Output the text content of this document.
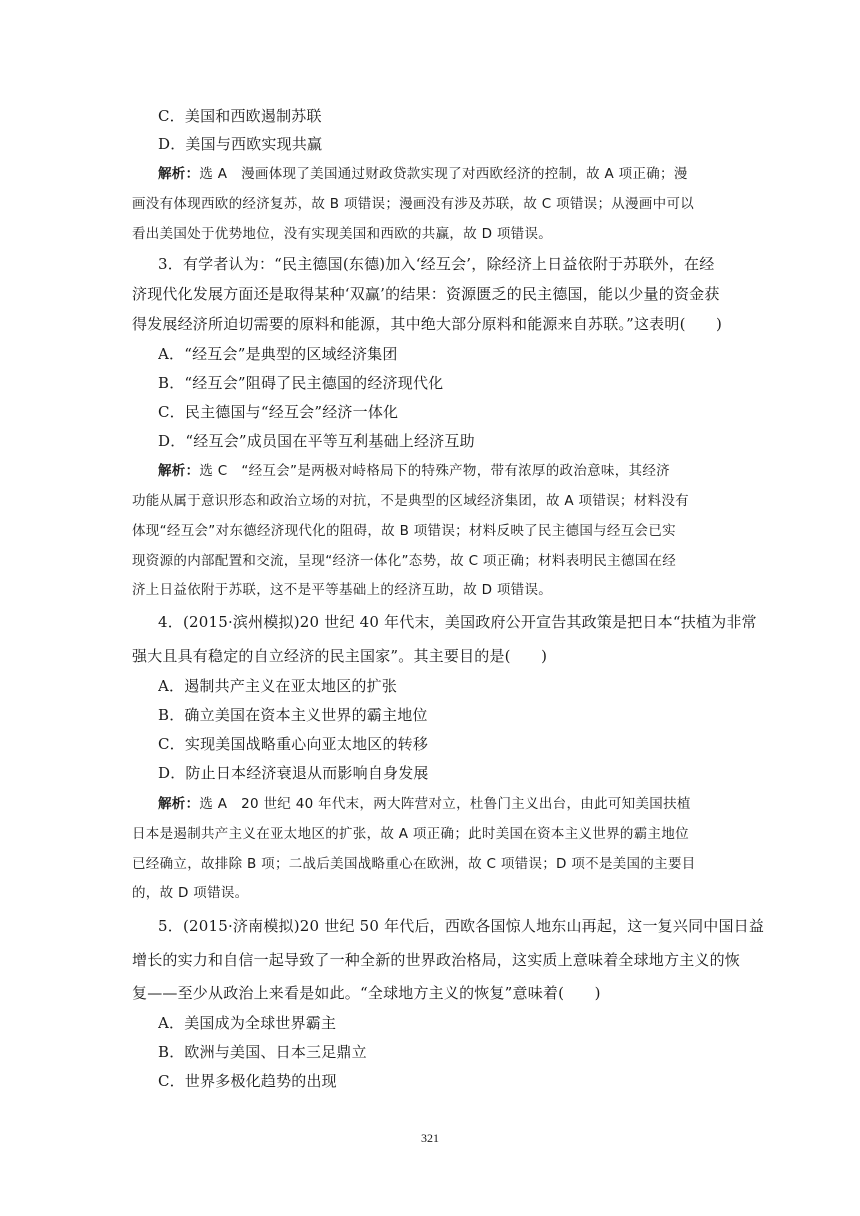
C．美国和西欧遏制苏联
D．美国与西欧实现共赢
解析：选 A　漫画体现了美国通过财政贷款实现了对西欧经济的控制，故 A 项正确；漫
画没有体现西欧的经济复苏，故 B 项错误；漫画没有涉及苏联，故 C 项错误；从漫画中可以
看出美国处于优势地位，没有实现美国和西欧的共赢，故 D 项错误。
3．有学者认为：“民主德国(东德)加入‘经互会’，除经济上日益依附于苏联外，在经
济现代化发展方面还是取得某种‘双赢’的结果：资源匮乏的民主德国，能以少量的资金获
得发展经济所迫切需要的原料和能源，其中绝大部分原料和能源来自苏联。”这表明(　　)
A．“经互会”是典型的区域经济集团
B．“经互会”阻碍了民主德国的经济现代化
C．民主德国与“经互会”经济一体化
D．“经互会”成员国在平等互利基础上经济互助
解析：选 C　“经互会”是两极对峙格局下的特殊产物，带有浓厚的政治意味，其经济
功能从属于意识形态和政治立场的对抗，不是典型的区域经济集团，故 A 项错误；材料没有
体现“经互会”对东德经济现代化的阻碍，故 B 项错误；材料反映了民主德国与经互会已实
现资源的内部配置和交流，呈现“经济一体化”态势，故 C 项正确；材料表明民主德国在经
济上日益依附于苏联，这不是平等基础上的经济互助，故 D 项错误。
4．(2015·滨州模拟)20 世纪 40 年代末，美国政府公开宣告其政策是把日本“扶植为非常
强大且具有稳定的自立经济的民主国家”。其主要目的是(　　)
A．遏制共产主义在亚太地区的扩张
B．确立美国在资本主义世界的霸主地位
C．实现美国战略重心向亚太地区的转移
D．防止日本经济衰退从而影响自身发展
解析：选 A　20 世纪 40 年代末，两大阵营对立，杜鲁门主义出台，由此可知美国扶植
日本是遏制共产主义在亚太地区的扩张，故 A 项正确；此时美国在资本主义世界的霸主地位
已经确立，故排除 B 项；二战后美国战略重心在欧洲，故 C 项错误；D 项不是美国的主要目
的，故 D 项错误。
5．(2015·济南模拟)20 世纪 50 年代后，西欧各国惊人地东山再起，这一复兴同中国日益
增长的实力和自信一起导致了一种全新的世界政治格局，这实质上意味着全球地方主义的恢
复——至少从政治上来看是如此。“全球地方主义的恢复”意味着(　　)
A．美国成为全球世界霸主
B．欧洲与美国、日本三足鼎立
C．世界多极化趋势的出现
321
